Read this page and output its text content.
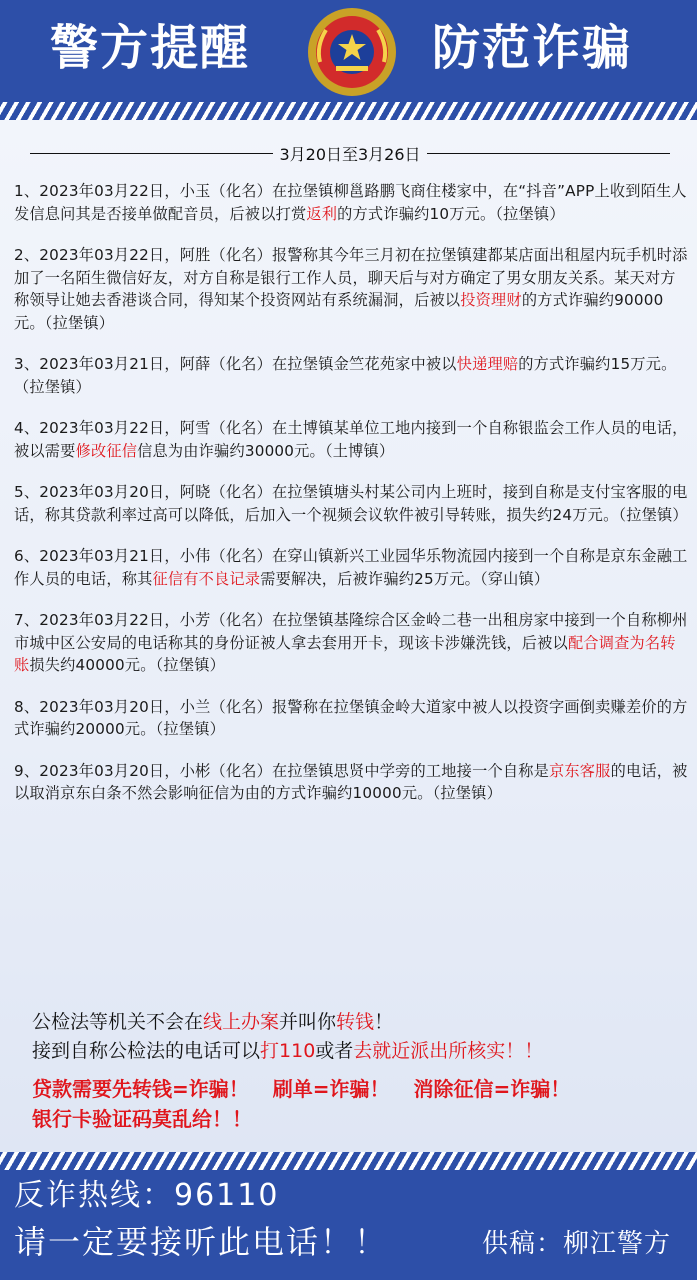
警方提醒	防范诈骗
3月20日至3月26日
1、2023年03月22日，小玉（化名）在拉堡镇柳邕路鹏飞商住楼家中，在“抖音”APP上收到陌生人发信息问其是否接单做配音员，后被以打赏返利的方式诈骗约10万元。（拉堡镇）
2、2023年03月22日，阿胜（化名）报警称其今年三月初在拉堡镇建都某店面出租屋内玩手机时添加了一名陌生微信好友，对方自称是银行工作人员，聊天后与对方确定了男女朋友关系。某天对方称领导让她去香港谈合同，得知某个投资网站有系统漏洞，后被以投资理财的方式诈骗约90000元。（拉堡镇）
3、2023年03月21日，阿薛（化名）在拉堡镇金竺花苑家中被以快递理赔的方式诈骗约15万元。（拉堡镇）
4、2023年03月22日，阿雪（化名）在土博镇某单位工地内接到一个自称银监会工作人员的电话，被以需要修改征信信息为由诈骗约30000元。（土博镇）
5、2023年03月20日，阿晓（化名）在拉堡镇塘头村某公司内上班时，接到自称是支付宝客服的电话，称其贷款利率过高可以降低，后加入一个视频会议软件被引导转账，损失约24万元。（拉堡镇）
6、2023年03月21日，小伟（化名）在穿山镇新兴工业园华乐物流园内接到一个自称是京东金融工作人员的电话，称其征信有不良记录需要解决，后被诈骗约25万元。（穿山镇）
7、2023年03月22日，小芳（化名）在拉堡镇基隆综合区金岭二巷一出租房家中接到一个自称柳州市城中区公安局的电话称其的身份证被人拿去套用开卡，现该卡涉嫌洗钱，后被以配合调查为名转账损失约40000元。（拉堡镇）
8、2023年03月20日，小兰（化名）报警称在拉堡镇金岭大道家中被人以投资字画倒卖赚差价的方式诈骗约20000元。（拉堡镇）
9、2023年03月20日，小彬（化名）在拉堡镇思贤中学旁的工地接一个自称是京东客服的电话，被以取消京东白条不然会影响征信为由的方式诈骗约10000元。（拉堡镇）
公检法等机关不会在线上办案并叫你转钱！
接到自称公检法的电话可以打110或者去就近派出所核实！！
贷款需要先转钱=诈骗！ 刷单=诈骗！ 消除征信=诈骗！
银行卡验证码莫乱给！！
反诈热线：96110
请一定要接听此电话！！	供稿：柳江警方
